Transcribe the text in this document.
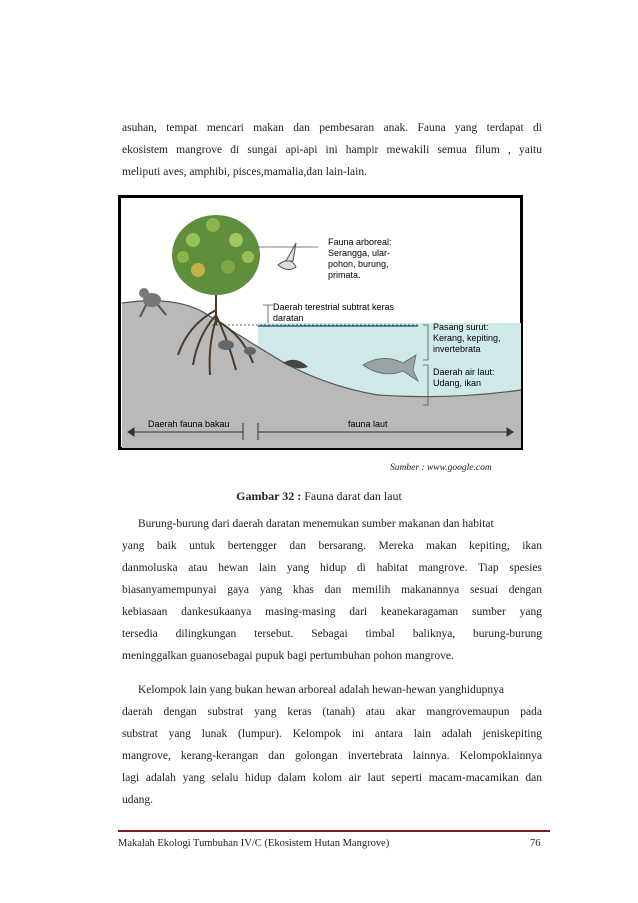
asuhan, tempat mencari makan dan pembesaran anak. Fauna yang terdapat di
ekosistem mangrove di sungai api-api ini hampir mewakili semua filum , yaitu
meliputi aves, amphibi, pisces,mamalia,dan lain-lain.
Fauna arboreal:
Serangga, ular-
pohon, burung,
primata.
Daerah terestrial subtrat keras
daratan
Pasang surut:
Kerang, kepiting,
invertebrata
Daerah air laut:
Udang, ikan
Daerah fauna bakau	fauna laut
Sumber : www.google.com
Gambar 32 : Fauna darat dan laut
Burung-burung dari daerah daratan menemukan sumber makanan dan habitat
yang baik untuk bertengger dan bersarang. Mereka makan kepiting, ikan
danmoluska atau hewan lain yang hidup di habitat mangrove. Tiap spesies
biasanyamempunyai gaya yang khas dan memilih makanannya sesuai dengan
kebiasaan dankesukaanya masing-masing dari keanekaragaman sumber yang
tersedia dilingkungan tersebut. Sebagai timbal baliknya, burung-burung
meninggalkan guanosebagai pupuk bagi pertumbuhan pohon mangrove.
Kelompok lain yang bukan hewan arboreal adalah hewan-hewan yanghidupnya
daerah dengan substrat yang keras (tanah) atau akar mangrovemaupun pada
substrat yang lunak (lumpur). Kelompok ini antara lain adalah jeniskepiting
mangrove, kerang-kerangan dan golongan invertebrata lainnya. Kelompoklainnya
lagi adalah yang selalu hidup dalam kolom air laut seperti macam-macamikan dan
udang.
Makalah Ekologi Tumbuhan IV/C (Ekosistem Hutan Mangrove)	76
